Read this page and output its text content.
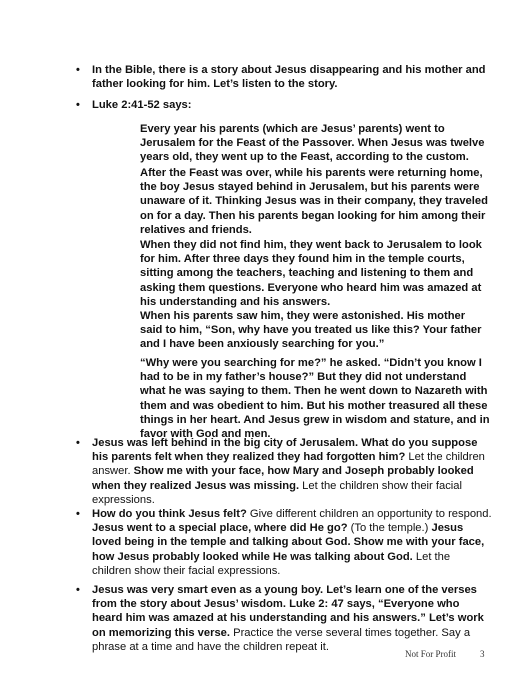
• In the Bible, there is a story about Jesus disappearing and his mother and father looking for him. Let’s listen to the story.
• Luke 2:41-52 says:
Every year his parents (which are Jesus’ parents) went to Jerusalem for the Feast of the Passover. When Jesus was twelve years old, they went up to the Feast, according to the custom.
After the Feast was over, while his parents were returning home, the boy Jesus stayed behind in Jerusalem, but his parents were unaware of it. Thinking Jesus was in their company, they traveled on for a day. Then his parents began looking for him among their relatives and friends.
When they did not find him, they went back to Jerusalem to look for him. After three days they found him in the temple courts, sitting among the teachers, teaching and listening to them and asking them questions. Everyone who heard him was amazed at his understanding and his answers.
When his parents saw him, they were astonished. His mother said to him, “Son, why have you treated us like this? Your father and I have been anxiously searching for you.”
“Why were you searching for me?” he asked. “Didn’t you know I had to be in my father’s house?” But they did not understand what he was saying to them. Then he went down to Nazareth with them and was obedient to him. But his mother treasured all these things in her heart. And Jesus grew in wisdom and stature, and in favor with God and men.
• Jesus was left behind in the big city of Jerusalem. What do you suppose his parents felt when they realized they had forgotten him? Let the children answer. Show me with your face, how Mary and Joseph probably looked when they realized Jesus was missing. Let the children show their facial expressions.
• How do you think Jesus felt? Give different children an opportunity to respond. Jesus went to a special place, where did He go? (To the temple.) Jesus loved being in the temple and talking about God. Show me with your face, how Jesus probably looked while He was talking about God. Let the children show their facial expressions.
• Jesus was very smart even as a young boy. Let’s learn one of the verses from the story about Jesus’ wisdom. Luke 2: 47 says, “Everyone who heard him was amazed at his understanding and his answers.” Let’s work on memorizing this verse. Practice the verse several times together. Say a phrase at a time and have the children repeat it.
Not For Profit	3
